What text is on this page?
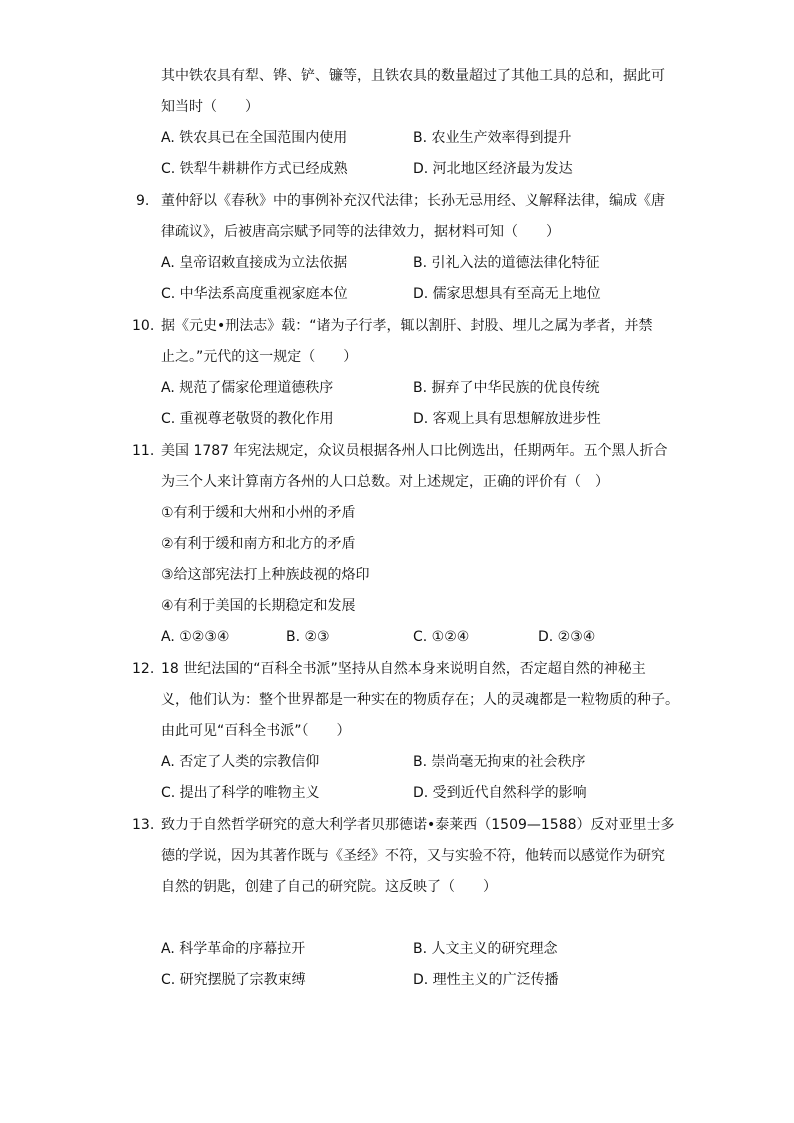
其中铁农具有犁、铧、铲、镰等，且铁农具的数量超过了其他工具的总和，据此可
知当时（　　）
A. 铁农具已在全国范围内使用	B. 农业生产效率得到提升
C. 铁犁牛耕耕作方式已经成熟	D. 河北地区经济最为发达
9. 董仲舒以《春秋》中的事例补充汉代法律；长孙无忌用经、义解释法律，编成《唐
律疏议》，后被唐高宗赋予同等的法律效力，据材料可知（　　）
A. 皇帝诏敕直接成为立法依据	B. 引礼入法的道德法律化特征
C. 中华法系高度重视家庭本位	D. 儒家思想具有至高无上地位
10. 据《元史•刑法志》载：“诸为子行孝，辄以割肝、封股、埋儿之属为孝者，并禁
止之。”元代的这一规定（　　）
A. 规范了儒家伦理道德秩序	B. 摒弃了中华民族的优良传统
C. 重视尊老敬贤的教化作用	D. 客观上具有思想解放进步性
11. 美国 1787 年宪法规定，众议员根据各州人口比例选出，任期两年。五个黑人折合
为三个人来计算南方各州的人口总数。对上述规定，正确的评价有（　）
①有利于缓和大州和小州的矛盾
②有利于缓和南方和北方的矛盾
③给这部宪法打上种族歧视的烙印
④有利于美国的长期稳定和发展
A. ①②③④	B. ②③	C. ①②④	D. ②③④
12. 18 世纪法国的“百科全书派”坚持从自然本身来说明自然，否定超自然的神秘主
义，他们认为：整个世界都是一种实在的物质存在；人的灵魂都是一粒物质的种子。
由此可见“百科全书派”（　　）
A. 否定了人类的宗教信仰	B. 崇尚毫无拘束的社会秩序
C. 提出了科学的唯物主义	D. 受到近代自然科学的影响
13. 致力于自然哲学研究的意大利学者贝那德诺•泰莱西（1509—1588）反对亚里士多
德的学说，因为其著作既与《圣经》不符，又与实验不符，他转而以感觉作为研究
自然的钥匙，创建了自己的研究院。这反映了（　　）
A. 科学革命的序幕拉开	B. 人文主义的研究理念
C. 研究摆脱了宗教束缚	D. 理性主义的广泛传播
